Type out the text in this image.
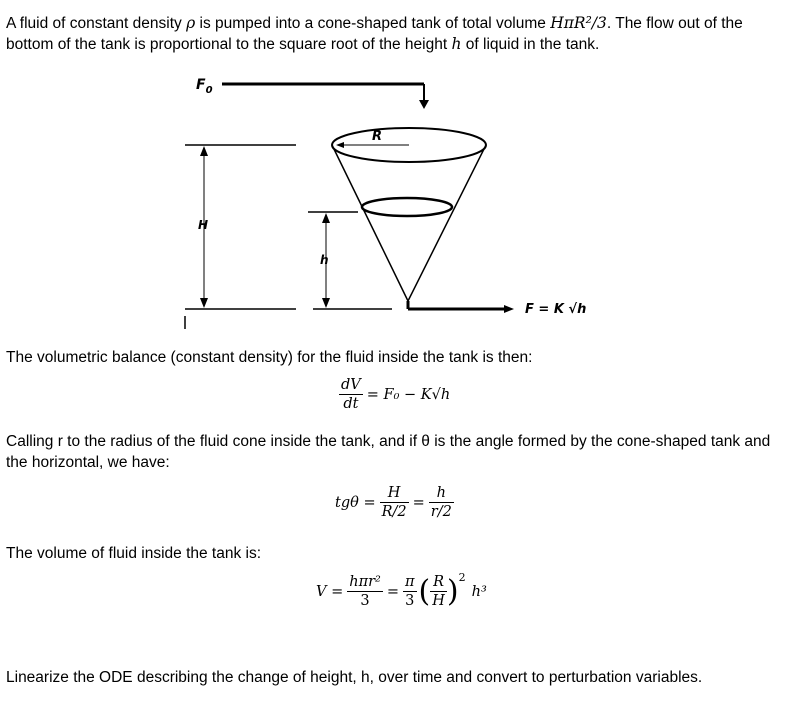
A fluid of constant density ρ is pumped into a cone-shaped tank of total volume HπR²/3. The flow out of the bottom of the tank is proportional to the square root of the height h of liquid in the tank.

$F_0$
R
F = K √h
H
h

The volumetric balance (constant density) for the fluid inside the tank is then:

$\frac{dV}{dt} = F_0 - K√h$

Calling r to the radius of the fluid cone inside the tank, and if θ is the angle formed by the cone-shaped tank and the horizontal, we have:

$tg\theta = \frac{H}{R/2} = \frac{h}{r/2}$

The volume of fluid inside the tank is:

$V = \frac{\text{hπr²}}{3} = \frac{\pi}{3}$ ( $\frac{R}{H}$ ) 2
h³

Linearize the ODE describing the change of height, h, over time and convert to perturbation variables.
